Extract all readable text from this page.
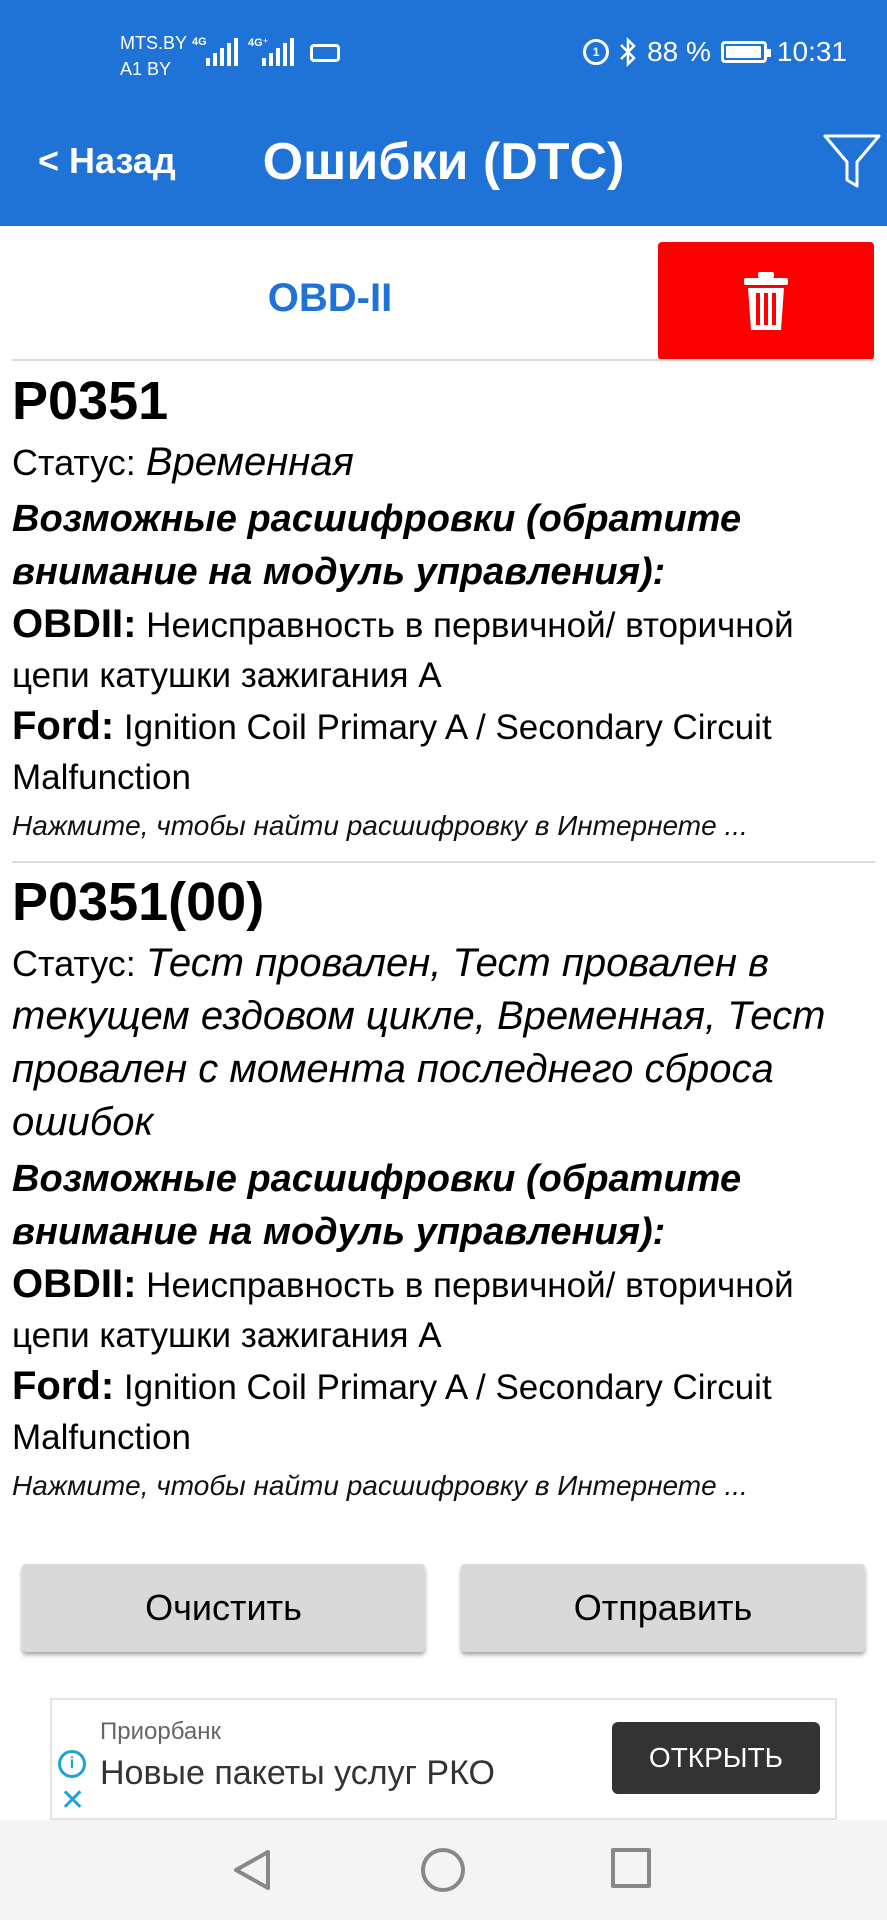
MTS.BY
A1 BY
4G	4G⁺
1	88 % 10:31
< Назад	Ошибки (DTC)
OBD-II
P0351
Статус: Временная
Возможные расшифровки (обратите внимание на модуль управления):
OBDII: Неисправность в первичной/ вторичной цепи катушки зажигания А
Ford: Ignition Coil Primary A / Secondary Circuit Malfunction
Нажмите, чтобы найти расшифровку в Интернете ...
P0351(00)
Статус: Тест провален, Тест провален в текущем ездовом цикле, Временная, Тест провален с момента последнего сброса ошибок
Возможные расшифровки (обратите внимание на модуль управления):
OBDII: Неисправность в первичной/ вторичной цепи катушки зажигания А
Ford: Ignition Coil Primary A / Secondary Circuit Malfunction
Нажмите, чтобы найти расшифровку в Интернете ...
Очистить	Отправить
i
✕
Приорбанк
Новые пакеты услуг РКО	ОТКРЫТЬ
